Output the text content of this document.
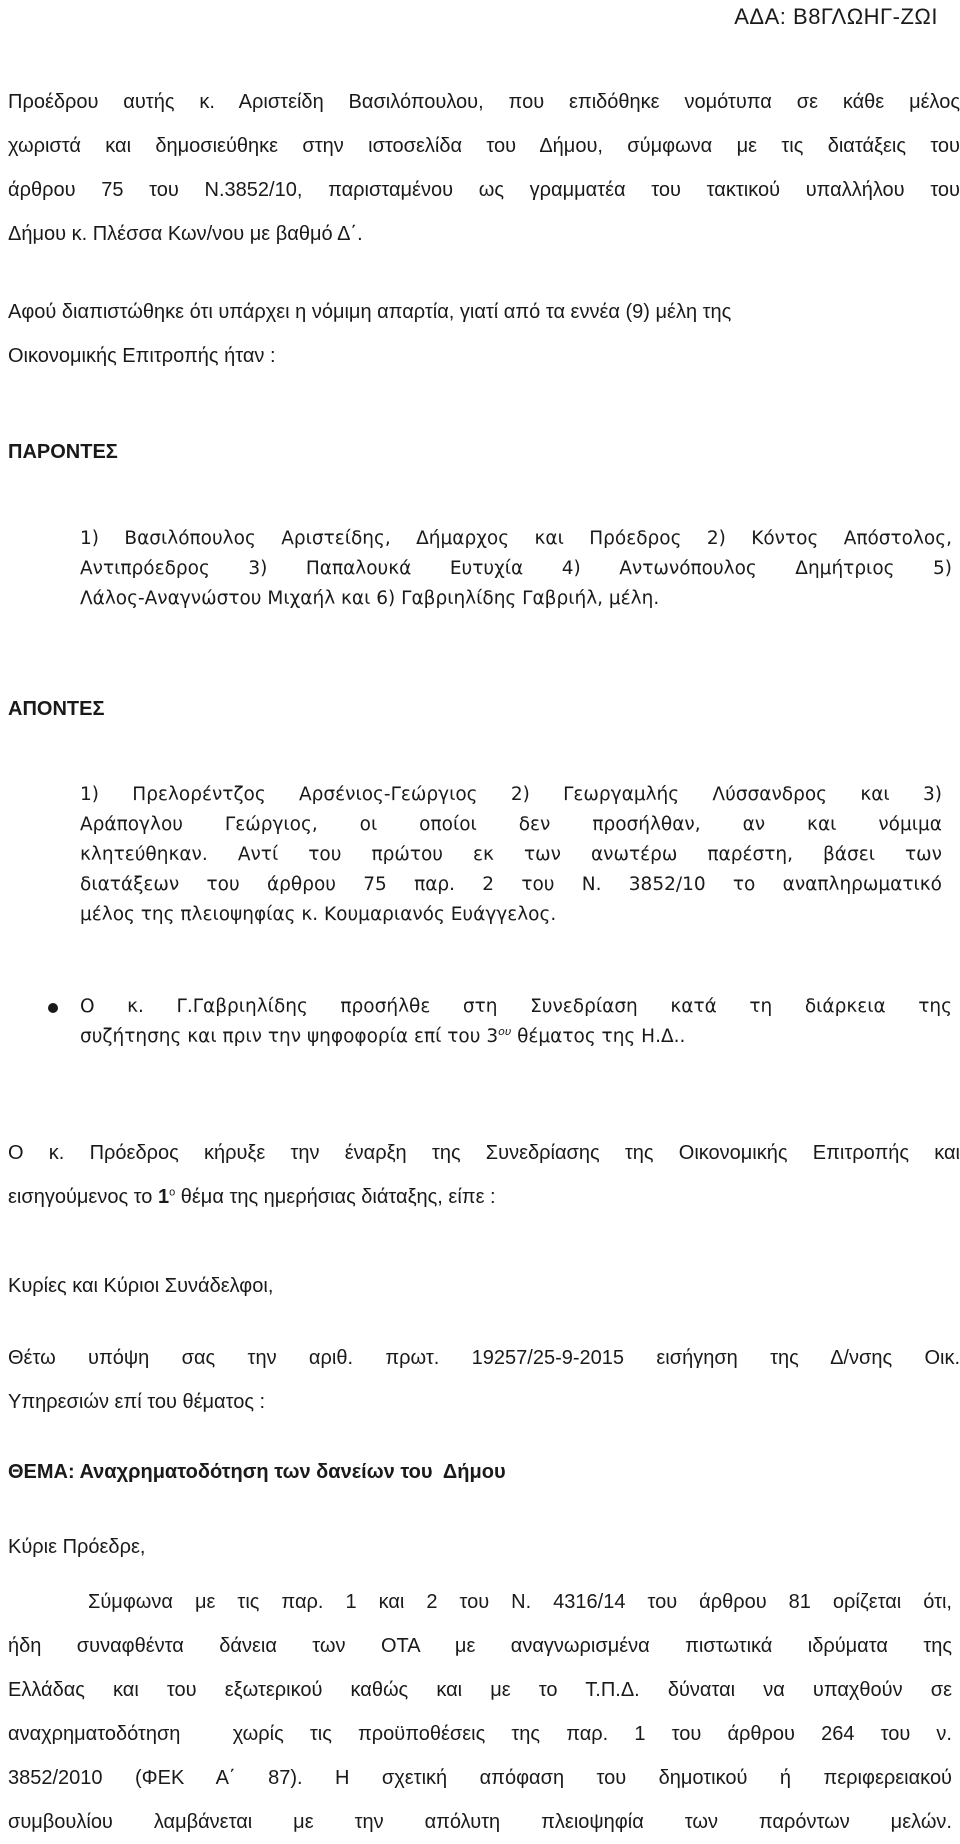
ΑΔΑ: Β8ΓΛΩΗΓ-ΖΩΙ

Προέδρου αυτής κ. Αριστείδη Βασιλόπουλου, που επιδόθηκε νομότυπα σε κάθε μέλος
χωριστά και δημοσιεύθηκε στην ιστοσελίδα του Δήμου, σύμφωνα με τις διατάξεις του
άρθρου 75 του Ν.3852/10, παρισταμένου ως γραμματέα του τακτικού υπαλλήλου του
Δήμου κ. Πλέσσα Κων/νου με βαθμό Δ΄.

Αφού διαπιστώθηκε ότι υπάρχει η νόμιμη απαρτία, γιατί από τα εννέα (9) μέλη της
Οικονομικής Επιτροπής ήταν :

ΠΑΡΟΝΤΕΣ

1) Βασιλόπουλος Αριστείδης, Δήμαρχος και Πρόεδρος 2) Κόντος Απόστολος,
Αντιπρόεδρος 3) Παπαλουκά Ευτυχία 4) Αντωνόπουλος Δημήτριος 5)
Λάλος-Αναγνώστου Μιχαήλ και 6) Γαβριηλίδης Γαβριήλ, μέλη.

ΑΠΟΝΤΕΣ

1) Πρελορέντζος Αρσένιος-Γεώργιος 2) Γεωργαμλής Λύσσανδρος και 3)
Αράπογλου Γεώργιος, οι οποίοι δεν προσήλθαν, αν και νόμιμα
κλητεύθηκαν. Αντί του πρώτου εκ των ανωτέρω παρέστη, βάσει των
διατάξεων του άρθρου 75 παρ. 2 του Ν. 3852/10 το αναπληρωματικό
μέλος της πλειοψηφίας κ. Κουμαριανός Ευάγγελος.

Ο κ. Γ.Γαβριηλίδης προσήλθε στη Συνεδρίαση κατά τη διάρκεια της
συζήτησης και πριν την ψηφοφορία επί του $3^{o\upsilon}$ θέματος της Η.Δ..

Ο κ. Πρόεδρος κήρυξε την έναρξη της Συνεδρίασης της Οικονομικής Επιτροπής και
εισηγούμενος το $1^o$ θέμα της ημερήσιας διάταξης, είπε :

Κυρίες και Κύριοι Συνάδελφοι,

Θέτω υπόψη σας την αριθ. πρωτ. 19257/25-9-2015 εισήγηση της Δ/νσης Οικ.
Υπηρεσιών επί του θέματος :

ΘΕΜΑ: Αναχρηματοδότηση των δανείων του  Δήμου

Κύριε Πρόεδρε,

Σύμφωνα με τις παρ. 1 και 2 του Ν. 4316/14 του άρθρου 81 ορίζεται ότι,
ήδη συναφθέντα δάνεια των ΟΤΑ με αναγνωρισμένα πιστωτικά ιδρύματα της
Ελλάδας και του εξωτερικού καθώς και με το Τ.Π.Δ. δύναται να υπαχθούν σε
αναχρηματοδότηση  χωρίς τις προϋποθέσεις της παρ. 1 του άρθρου 264 του ν.
3852/2010 (ΦΕΚ Α΄ 87). Η σχετική απόφαση του δημοτικού ή περιφερειακού
συμβουλίου λαμβάνεται με την απόλυτη πλειοψηφία των παρόντων μελών.
